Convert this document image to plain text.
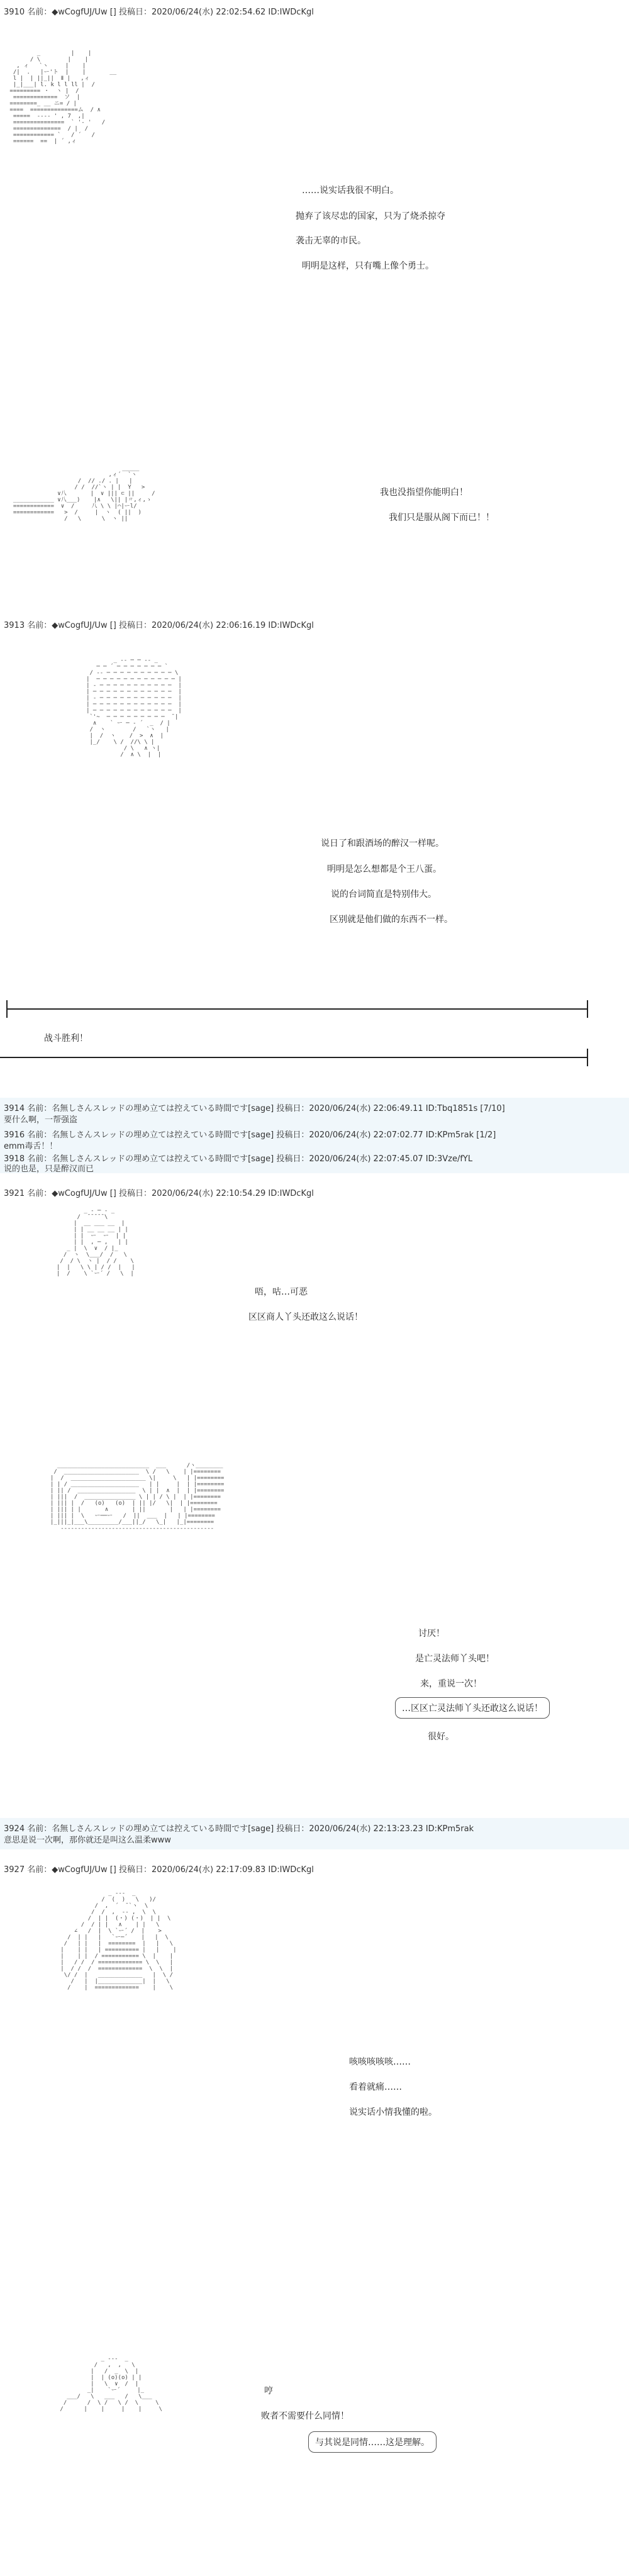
3910 名前：◆wCogfUJ/Uw [] 投稿日：2020/06/24(水) 22:02:54.62 ID:IWDcKgl
_         |    |
/ \        |    |
, ィ   `ヽ     |    |
/|  .   |ー'ト  |    |       __
l |  | ||_||  Ⅱ |   ,ィ
|_|___| l. k l l ll |  /
========= ・  ヽ |  /
=============  ソ  |
========_ __ ニ= / |
====  ==============ム  / ∧
=====  ---- ' , 7  ,|
===============  ` '- '   /
==============  / |  /
============ `   / ´   /
======  ==  | ´ ,ィ
……说实话我很不明白。
抛弃了该尽忠的国家，只为了烧杀掠夺
袭击无辜的市民。
明明是这样，只有嘴上像个勇士。
_____
,ィ´  `ヽ
/  // ./ . |   |
/ /  //`ヽ | |  Y   >
∨八       |  ∨ ||| ⊂ ||     /
____________ ∨八___)    |∧   \|| |〃,ィ,ゝ
============  ∨  /     八 \ \ |⌒|ーl/
============   >  /     |  ヽ  ( ||  )
/   \      \  ヽ ||
我也没指望你能明白！
我们只是服从阁下而已！！
3913 名前：◆wCogfUJ/Uw [] 投稿日：2020/06/24(水) 22:06:16.19 ID:IWDcKgl
_ -‐ ─ ─ ‐- _
─ ─ ´ ─ ─ ─ ─ ─ ─ ─ `
/ ‐‐ ─ ─ ─ ─ ─ ─ ─ ─ ─ ─ \
|  ─ ─ ─ ─ ─ ─ ─ ─ ─ ─ ─ ─ |
| ‐ ─ ─ ─ ─ ─ ─ ─ ─ ─ ─ ─  |
| ─ ─ ─ ─ ─ ─ ─ ─ ─ ─ ─ ─  |
| ‐ ─ ─ ─ ─ ─ ─ ─ ─ ─ ─ ─  |
| ─ ─ ─ ─ ─ ─ ─ ─ ─ ─ ─ ─  |
| ─ ─ ─ ─ ─ ─ ─ ─ ─ ─ ─ ─  |
`'~  ─ ─ ─ ─ ─ ─ ─ ─ ─  ̄ |
∧    ` ー ─ ‐ ´  _  / |
/  ヽ        /   `ヽ   |
|  /  ヽ    /  >  ∧  |
|_/    \ /  //\ \ |
/ \   ∧ ヽ|
/  ∧ \  |  |
说日了和跟酒场的醉汉一样呢。
明明是怎么想都是个王八蛋。
说的台词简直是特别伟大。
区别就是他们做的东西不一样。
战斗胜利！
3914 名前：名無しさんスレッドの埋め立ては控えている時間です[sage] 投稿日：2020/06/24(水) 22:06:49.11 ID:Tbq1851s [7/10]
要什么啊，一帮强盗
3916 名前：名無しさんスレッドの埋め立ては控えている時間です[sage] 投稿日：2020/06/24(水) 22:07:02.77 ID:KPm5rak [1/2]
emm毒舌！！
3918 名前：名無しさんスレッドの埋め立ては控えている時間です[sage] 投稿日：2020/06/24(水) 22:07:45.07 ID:3Vze/fYL
说的也是，只是醉汉而已
3921 名前：◆wCogfUJ/Uw [] 投稿日：2020/06/24(水) 22:10:54.29 ID:IWDcKgl
_ ‐ ─ ‐ _
/  ̄ ̄ ̄ ̄ ̄ \
|  __ ___ __  |
| | __ __ __ | |
| |  ー  ー  | |
| |  , ─ ,   | |
_ |  \  ∨  / |_
/  ヽ  \___/  /   \
/  / \  ヽ |  / /    \
|  |   \ \ | / /  |   |
|  /    \ `ー´ /   \  |
唔，咕…可恶
区区商人丫头还敢这么说话！
___________________________  ___      /ヽ________
/  ______________________  \ /   \    | |========
|  /  ______________________ \|     \   | |========
| | / ____________________   | |     |  | |========
| || /  _________________  \ | |  ∧  |  | |========
| |||  /  _______________ \ | | / \ |  | |========
| ||| |  /   (o)   (o)  | || |/   \|  | |========
| ||| | |       ∧       | ||       |   | |========
| ||| |  \   ー──ー   /  ||  ___  |   | |========
|_|||_|___\_________/___||_/   \_|   |_|========
‐‐‐‐‐‐‐‐‐‐‐‐‐‐‐‐‐‐‐‐‐‐‐‐‐‐‐‐‐‐‐‐‐‐‐‐‐‐‐‐‐‐‐‐‐
讨厌！
是亡灵法师丫头吧！
来，重说一次！
…区区亡灵法师丫头还敢这么说话！
很好。
3924 名前：名無しさんスレッドの埋め立ては控えている時間です[sage] 投稿日：2020/06/24(水) 22:13:23.23 ID:KPm5rak
意思是说一次啊，那你就还是叫这么温柔www
3927 名前：◆wCogfUJ/Uw [] 投稿日：2020/06/24(水) 22:17:09.83 ID:IWDcKgl
_ -‐-  _
/  (  )   \   )/
/  ,  ´  ̄ `ヽ  \
/  /  ,  ‐‐ ,  \  \
/  | |  (・) (・)  | |  \
/  / | |   ∧    | |   \
∠   /  |  \ `ー´ /  |    >
/  | |   |   `ー─´    |   |  \
/   | |   |  ========  |   |   \
|    | |   | ========== |   |    |
|    | |  / =========== \  |    |
|   / /  / ============= \  \   |
|  / /  /  =============  \  \  |
\/ /  |   _____________   |  \ /
/   |  |_____________|  |   \
/    |  =============    |    \
咳咳咳咳咳……
看着就痛……
说实话小情我懂的啦。
_ -‐-  _
/   ,  ,   \
|   /  _  \  |
|  | (o)(o) | |
|   \  ∨  /  |
_|    `ー´     |_
___/   \   ___   /   \___
/      /  \ /   \ /  \     \
/      |    |     |    |     \
哼
败者不需要什么同情！
与其说是同情……这是理解。
